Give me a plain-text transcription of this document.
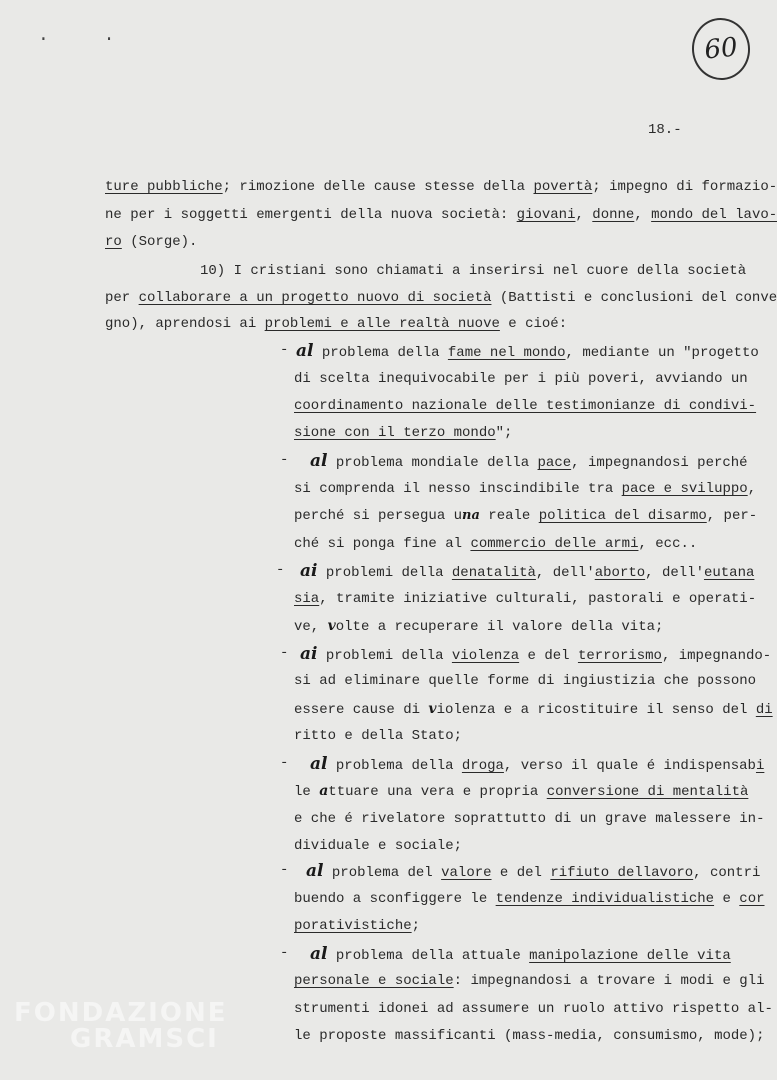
. .	60
18.-
ture pubbliche; rimozione delle cause stesse della povertà; impegno di formazio-
ne per i soggetti emergenti della nuova società: giovani, donne, mondo del lavo-
ro (Sorge).
10) I cristiani sono chiamati a inserirsi nel cuore della società
per collaborare a un progetto nuovo di società (Battisti e conclusioni del conve
gno), aprendosi ai problemi e alle realtà nuove e cioé:
- al problema della fame nel mondo, mediante un "progetto
di scelta inequivocabile per i più poveri, avviando un
coordinamento nazionale delle testimonianze di condivi-
sione con il terzo mondo";
- al problema mondiale della pace, impegnandosi perché
si comprenda il nesso inscindibile tra pace e sviluppo,
perché si persegua una reale politica del disarmo, per-
ché si ponga fine al commercio delle armi, ecc..
- ai problemi della denatalità, dell'aborto, dell'eutana
sia, tramite iniziative culturali, pastorali e operati-
ve, volte a recuperare il valore della vita;
- ai problemi della violenza e del terrorismo, impegnando-
si ad eliminare quelle forme di ingiustizia che possono
essere cause di violenza e a ricostituire il senso del di
ritto e della Stato;
- al problema della droga, verso il quale é indispensabi
le attuare una vera e propria conversione di mentalità
e che é rivelatore soprattutto di un grave malessere in-
dividuale e sociale;
- al problema del valore e del rifiuto dellavoro, contri
buendo a sconfiggere le tendenze individualistiche e cor
porativistiche;
- al problema della attuale manipolazione delle vita
personale e sociale: impegnandosi a trovare i modi e gli
strumenti idonei ad assumere un ruolo attivo rispetto al-
le proposte massificanti (mass-media, consumismo, mode);
FONDAZIONE
GRAMSCI
